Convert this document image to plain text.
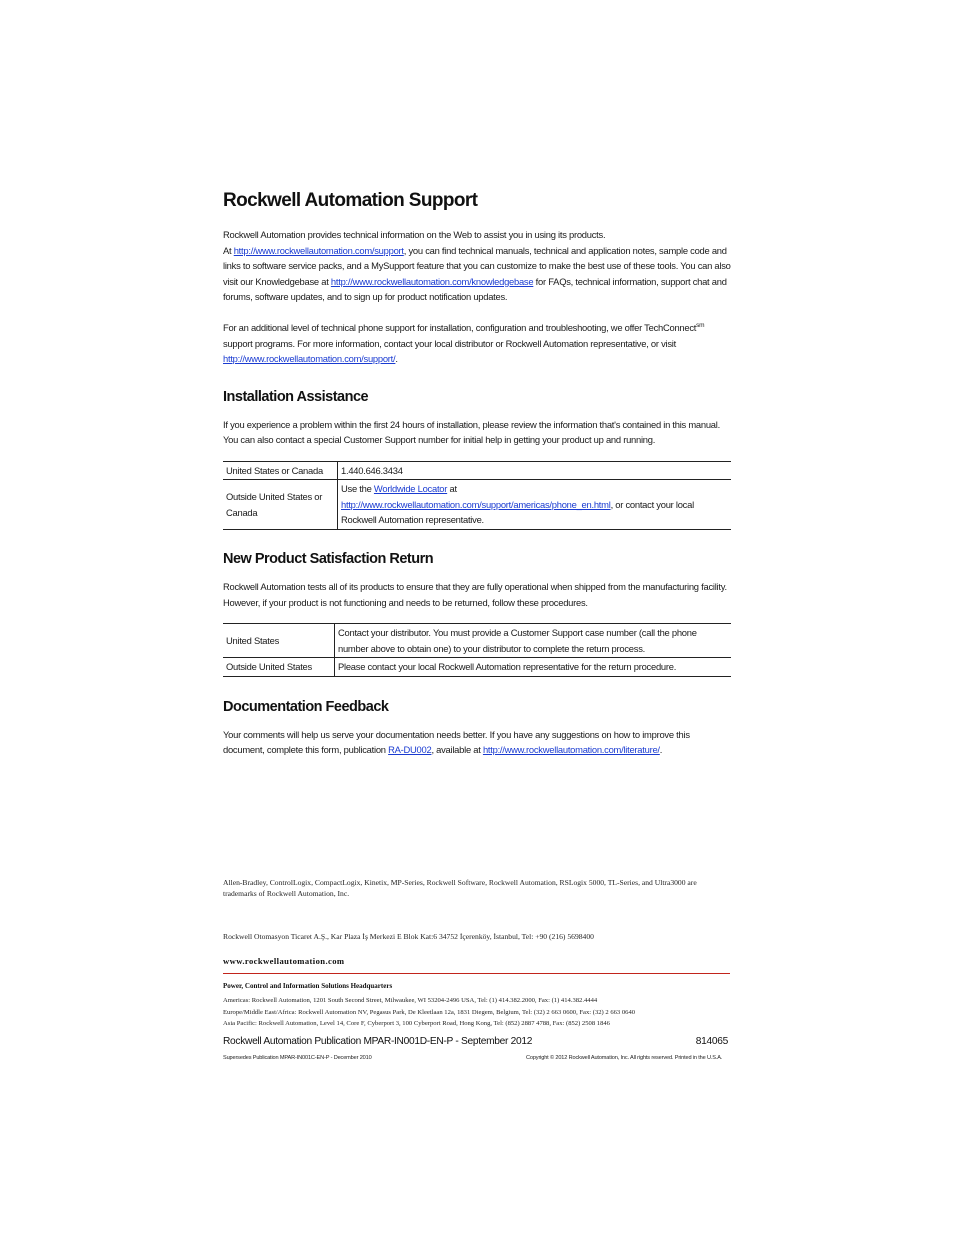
Rockwell Automation Support

Rockwell Automation provides technical information on the Web to assist you in using its products.
At http://www.rockwellautomation.com/support, you can find technical manuals, technical and application notes, sample code and links to software service packs, and a MySupport feature that you can customize to make the best use of these tools. You can also visit our Knowledgebase at http://www.rockwellautomation.com/knowledgebase for FAQs, technical information, support chat and forums, software updates, and to sign up for product notification updates.

For an additional level of technical phone support for installation, configuration and troubleshooting, we offer TechConnect$^{sm}$ support programs. For more information, contact your local distributor or Rockwell Automation representative, or visit http://www.rockwellautomation.com/support/.

Installation Assistance

If you experience a problem within the first 24 hours of installation, please review the information that's contained in this manual. You can also contact a special Customer Support number for initial help in getting your product up and running.

United States or Canada	1.440.646.3434
Outside United States or Canada	Use the Worldwide Locator at http://www.rockwellautomation.com/support/americas/phone_en.html, or contact your local Rockwell Automation representative.
New Product Satisfaction Return

Rockwell Automation tests all of its products to ensure that they are fully operational when shipped from the manufacturing facility. However, if your product is not functioning and needs to be returned, follow these procedures.

United States	Contact your distributor. You must provide a Customer Support case number (call the phone number above to obtain one) to your distributor to complete the return process.
Outside United States	Please contact your local Rockwell Automation representative for the return procedure.
Documentation Feedback

Your comments will help us serve your documentation needs better. If you have any suggestions on how to improve this document, complete this form, publication RA-DU002, available at http://www.rockwellautomation.com/literature/.

Allen-Bradley, ControlLogix, CompactLogix, Kinetix, MP-Series, Rockwell Software, Rockwell Automation, RSLogix 5000, TL-Series, and Ultra3000 are trademarks of Rockwell Automation, Inc.
Rockwell Otomasyon Ticaret A.Ş., Kar Plaza İş Merkezi E Blok Kat:6 34752 İçerenköy, İstanbul, Tel: +90 (216) 5698400
www.rockwellautomation.com
Power, Control and Information Solutions Headquarters
Americas: Rockwell Automation, 1201 South Second Street, Milwaukee, WI 53204-2496 USA, Tel: (1) 414.382.2000, Fax: (1) 414.382.4444
Europe/Middle East/Africa: Rockwell Automation NV, Pegasus Park, De Kleetlaan 12a, 1831 Diegem, Belgium, Tel: (32) 2 663 0600, Fax: (32) 2 663 0640
Asia Pacific: Rockwell Automation, Level 14, Core F, Cyberport 3, 100 Cyberport Road, Hong Kong, Tel: (852) 2887 4788, Fax: (852) 2508 1846
Rockwell Automation Publication MPAR-IN001D-EN-P - September 2012	814065
Supersedes Publication MPAR-IN001C-EN-P - December 2010	Copyright © 2012 Rockwell Automation, Inc. All rights reserved. Printed in the U.S.A.
